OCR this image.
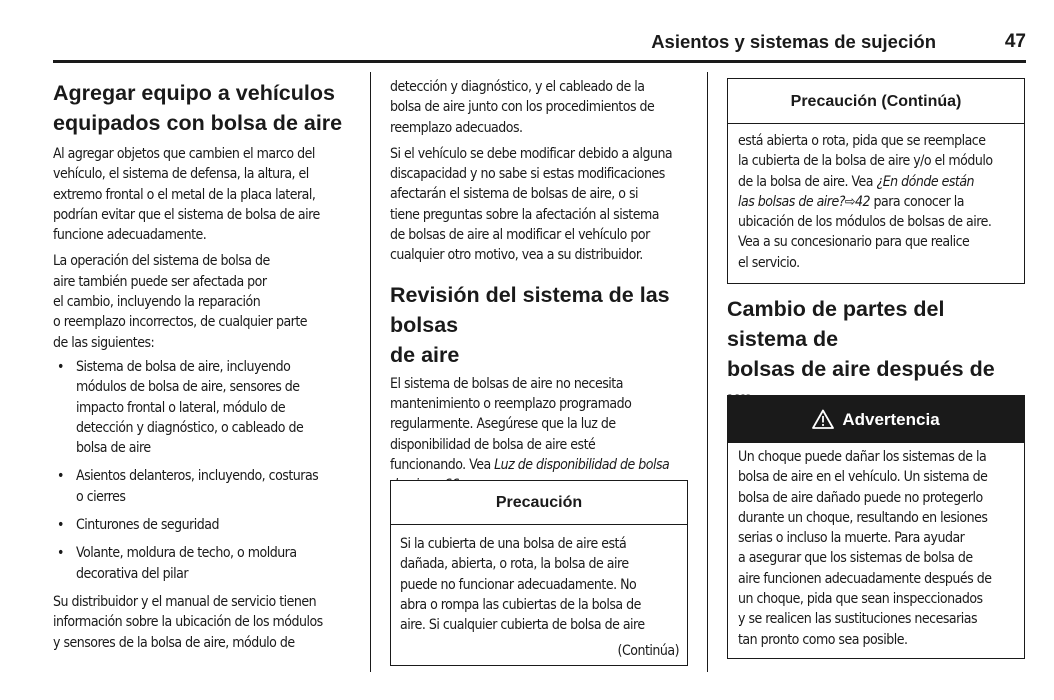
Asientos y sistemas de sujeción	47
Agregar equipo a vehículos
equipados con bolsa de aire

Al agregar objetos que cambien el marco del
vehículo, el sistema de defensa, la altura, el
extremo frontal o el metal de la placa lateral,
podrían evitar que el sistema de bolsa de aire
funcione adecuadamente.

La operación del sistema de bolsa de
aire también puede ser afectada por
el cambio, incluyendo la reparación
o reemplazo incorrectos, de cualquier parte
de las siguientes:

• Sistema de bolsa de aire, incluyendo
módulos de bolsa de aire, sensores de
impacto frontal o lateral, módulo de
detección y diagnóstico, o cableado de
bolsa de aire
• Asientos delanteros, incluyendo, costuras
o cierres
• Cinturones de seguridad
• Volante, moldura de techo, o moldura
decorativa del pilar

Su distribuidor y el manual de servicio tienen
información sobre la ubicación de los módulos
y sensores de la bolsa de aire, módulo de

detección y diagnóstico, y el cableado de la
bolsa de aire junto con los procedimientos de
reemplazo adecuados.

Si el vehículo se debe modificar debido a alguna
discapacidad y no sabe si estas modificaciones
afectarán el sistema de bolsas de aire, o si
tiene preguntas sobre la afectación al sistema
de bolsas de aire al modificar el vehículo por
cualquier otro motivo, vea a su distribuidor.

Revisión del sistema de las bolsas
de aire

El sistema de bolsas de aire no necesita
mantenimiento o reemplazo programado
regularmente. Asegúrese que la luz de
disponibilidad de bolsa de aire esté
funcionando. Vea Luz de disponibilidad de bolsa

Precaución
Si la cubierta de una bolsa de aire está
dañada, abierta, o rota, la bolsa de aire
puede no funcionar adecuadamente. No
abra o rompa las cubiertas de la bolsa de
aire. Si cualquier cubierta de bolsa de aire
(Continúa)
Precaución (Continúa)
está abierta o rota, pida que se reemplace
la cubierta de la bolsa de aire y/o el módulo
de la bolsa de aire. Vea ¿En dónde están
las bolsas de aire?⇨42 para conocer la
ubicación de los módulos de bolsas de aire.
Vea a su concesionario para que realice
el servicio.
Cambio de partes del sistema de
bolsas de aire después de
Advertencia
Un choque puede dañar los sistemas de la
bolsa de aire en el vehículo. Un sistema de
bolsa de aire dañado puede no protegerlo
durante un choque, resultando en lesiones
serias o incluso la muerte. Para ayudar
a asegurar que los sistemas de bolsa de
aire funcionen adecuadamente después de
un choque, pida que sean inspeccionados
y se realicen las sustituciones necesarias
tan pronto como sea posible.
